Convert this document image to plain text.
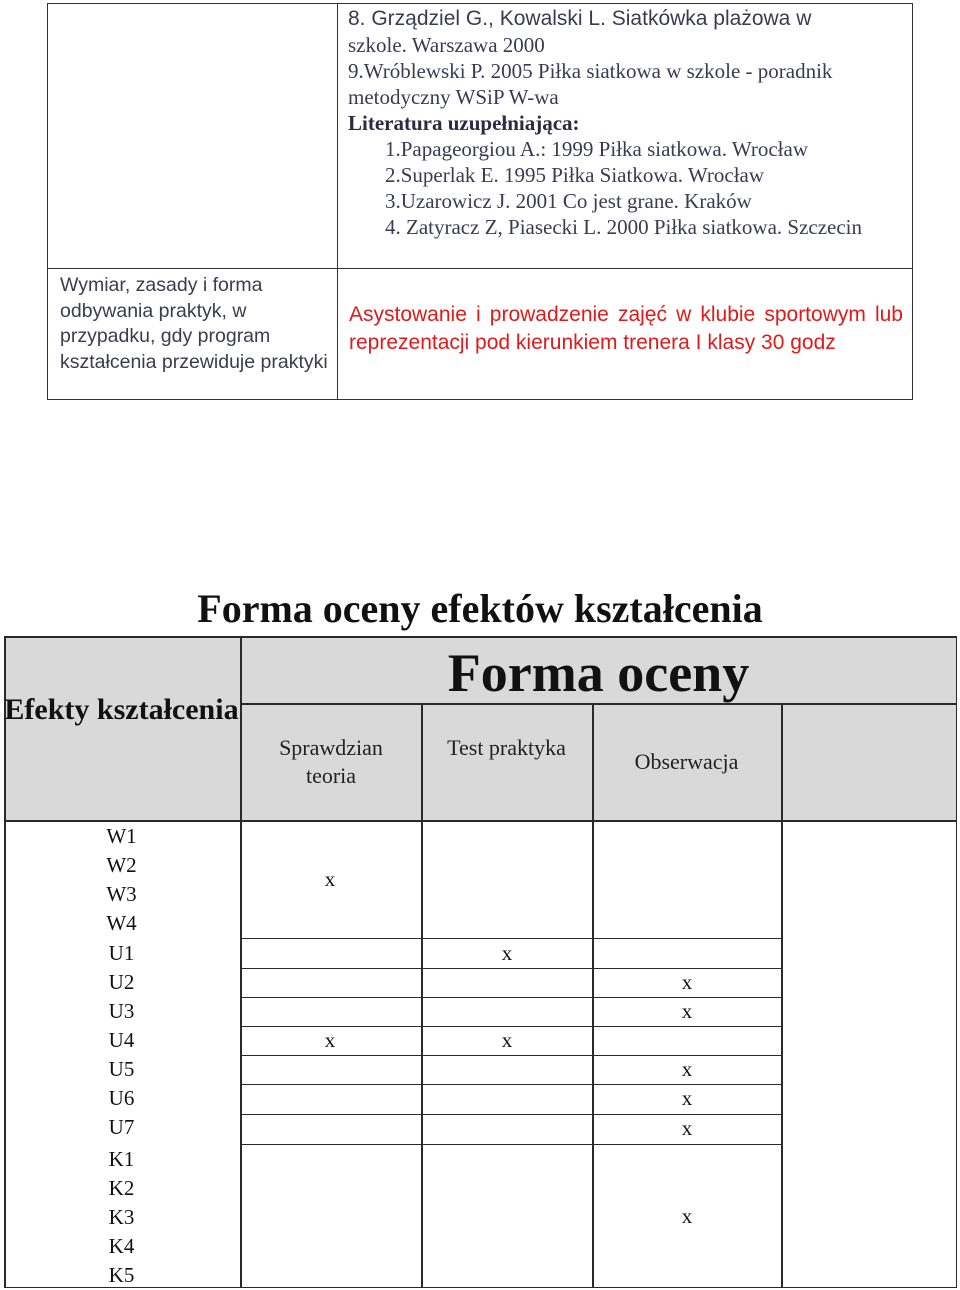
8. Grządziel G., Kowalski L. Siatkówka plażowa w
szkole. Warszawa 2000
9.Wróblewski P. 2005 Piłka siatkowa w szkole - poradnik
metodyczny WSiP W-wa
Literatura uzupełniająca:
1.Papageorgiou A.: 1999 Piłka siatkowa. Wrocław
2.Superlak E. 1995 Piłka Siatkowa. Wrocław
3.Uzarowicz J. 2001 Co jest grane. Kraków
4. Zatyracz Z, Piasecki L. 2000 Piłka siatkowa. Szczecin
Wymiar, zasady i forma odbywania praktyk, w przypadku, gdy program kształcenia przewiduje praktyki
Asystowanie i prowadzenie zajęć w klubie sportowym lub reprezentacji pod kierunkiem trenera I klasy 30 godz
Forma oceny efektów kształcenia
Efekty kształcenia
Forma oceny
Sprawdzian teoria
Test praktyka
Obserwacja
W1
W2
W3
W4
U1
U2
U3
U4
U5
U6
U7
K1
K2
K3
K4
K5
x
x
x
x
x	x
x
x
x
x
